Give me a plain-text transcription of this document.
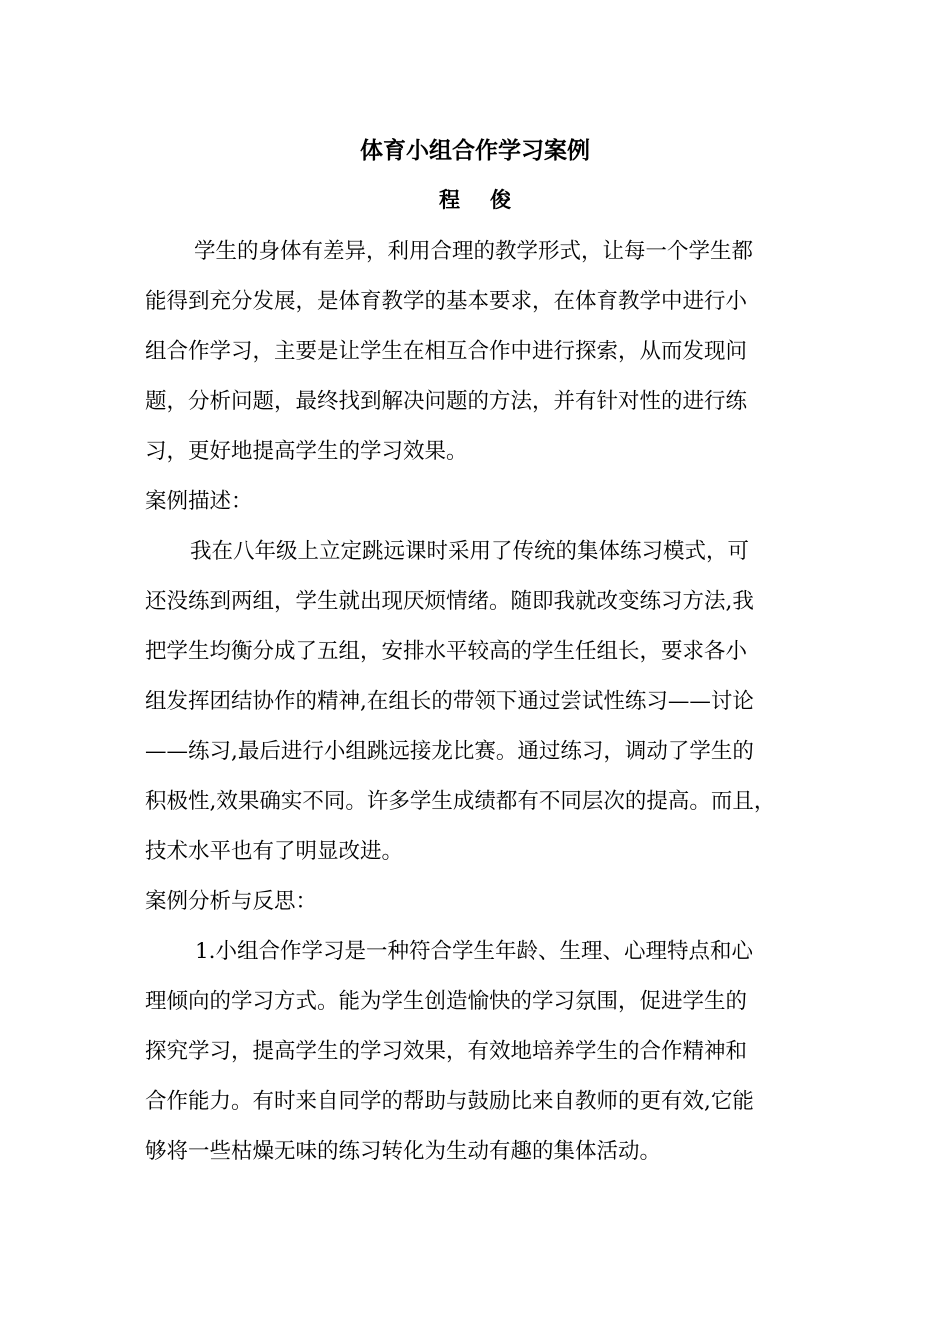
体育小组合作学习案例
程俊
学生的身体有差异，利用合理的教学形式，让每一个学生都
能得到充分发展，是体育教学的基本要求，在体育教学中进行小
组合作学习，主要是让学生在相互合作中进行探索，从而发现问
题，分析问题，最终找到解决问题的方法，并有针对性的进行练
习，更好地提高学生的学习效果。
案例描述：
我在八年级上立定跳远课时采用了传统的集体练习模式，可
还没练到两组，学生就出现厌烦情绪。随即我就改变练习方法,我
把学生均衡分成了五组，安排水平较高的学生任组长，要求各小
组发挥团结协作的精神,在组长的带领下通过尝试性练习——讨论
——练习,最后进行小组跳远接龙比赛。通过练习，调动了学生的
积极性,效果确实不同。许多学生成绩都有不同层次的提高。而且，
技术水平也有了明显改进。
案例分析与反思：
1.小组合作学习是一种符合学生年龄、生理、心理特点和心
理倾向的学习方式。能为学生创造愉快的学习氛围，促进学生的
探究学习，提高学生的学习效果，有效地培养学生的合作精神和
合作能力。有时来自同学的帮助与鼓励比来自教师的更有效,它能
够将一些枯燥无味的练习转化为生动有趣的集体活动。
